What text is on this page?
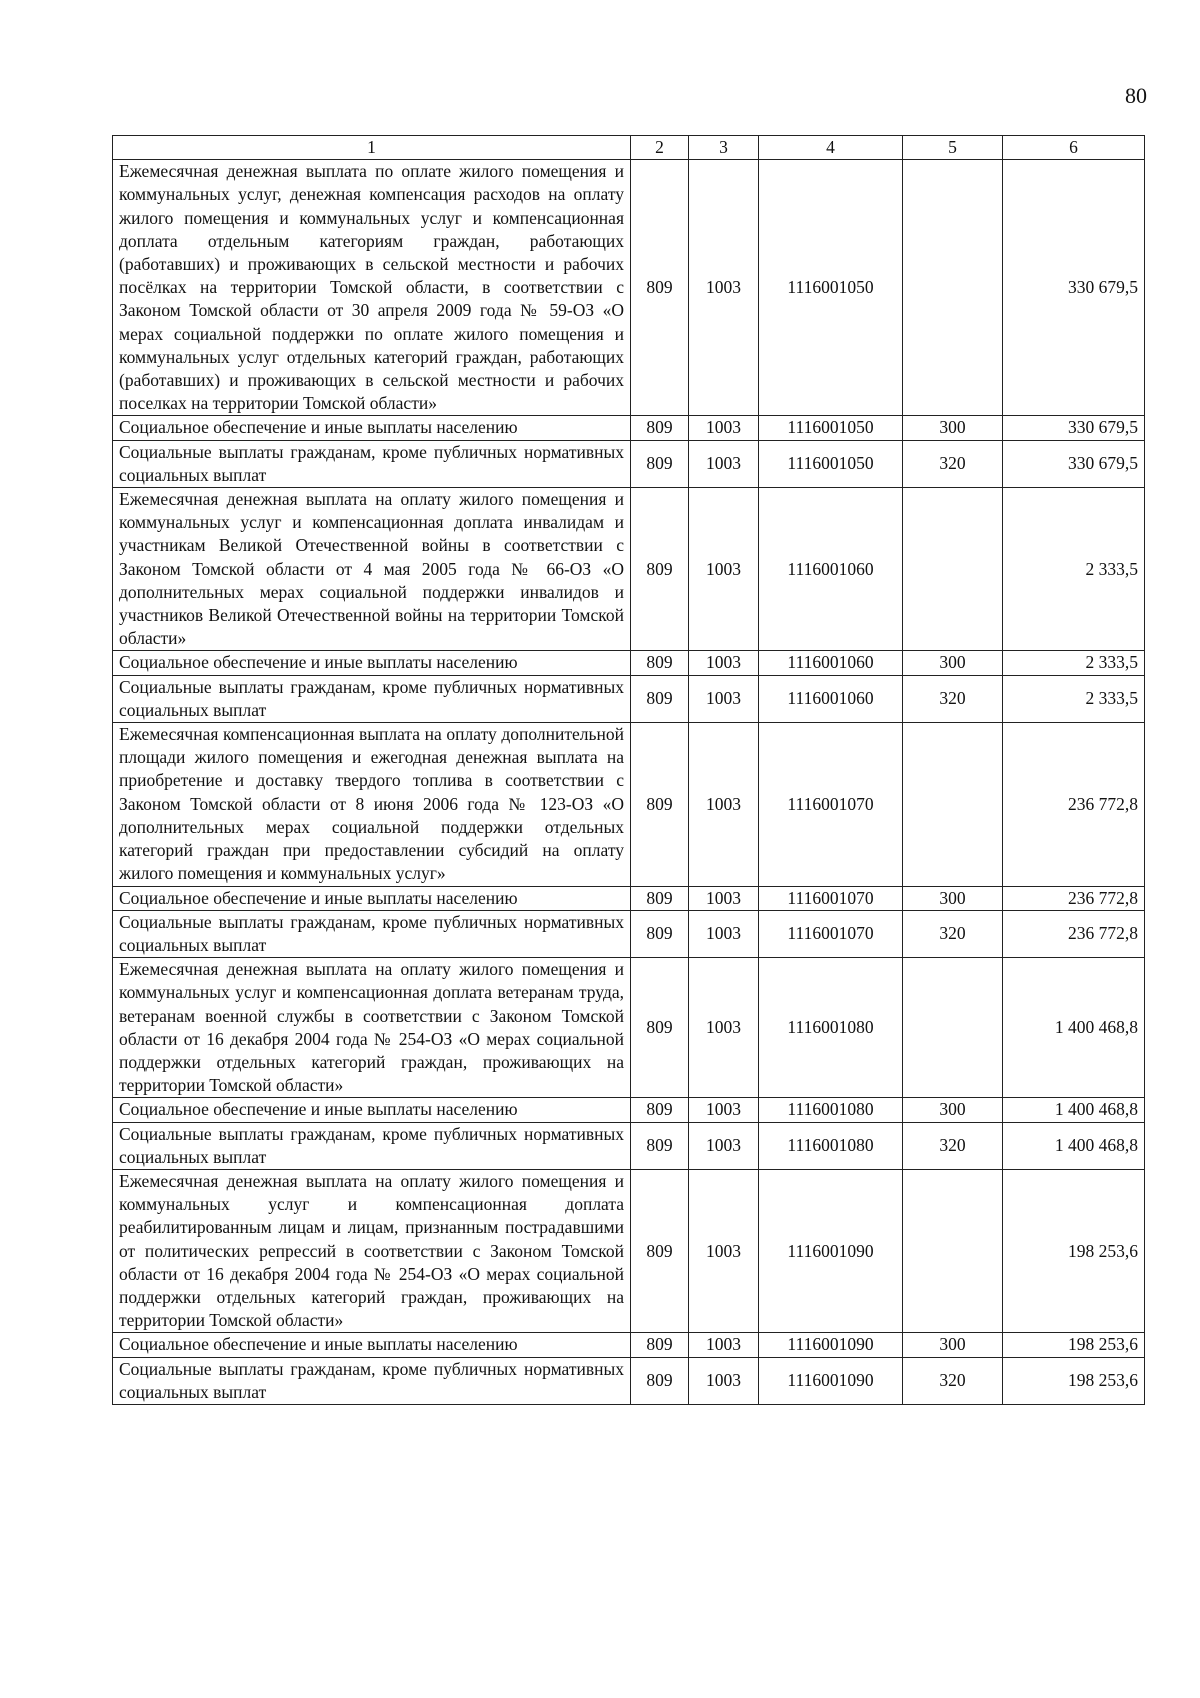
80
1	2	3	4	5	6
Ежемесячная денежная выплата по оплате жилого помещения и коммунальных услуг, денежная компенсация расходов на оплату жилого помещения и коммунальных услуг и компенсационная доплата отдельным категориям граждан, работающих (работавших) и проживающих в сельской местности и рабочих посёлках на территории Томской области, в соответствии с Законом Томской области от 30 апреля 2009 года № 59-ОЗ «О мерах социальной поддержки по оплате жилого помещения и коммунальных услуг отдельных категорий граждан, работающих (работавших) и проживающих в сельской местности и рабочих поселках на территории Томской области»	809	1003	1116001050		330 679,5
Социальное обеспечение и иные выплаты населению	809	1003	1116001050	300	330 679,5
Социальные выплаты гражданам, кроме публичных нормативных социальных выплат	809	1003	1116001050	320	330 679,5
Ежемесячная денежная выплата на оплату жилого помещения и коммунальных услуг и компенсационная доплата инвалидам и участникам Великой Отечественной войны в соответствии с Законом Томской области от 4 мая 2005 года № 66-ОЗ «О дополнительных мерах социальной поддержки инвалидов и участников Великой Отечественной войны на территории Томской области»	809	1003	1116001060		2 333,5
Социальное обеспечение и иные выплаты населению	809	1003	1116001060	300	2 333,5
Социальные выплаты гражданам, кроме публичных нормативных социальных выплат	809	1003	1116001060	320	2 333,5
Ежемесячная компенсационная выплата на оплату дополнительной площади жилого помещения и ежегодная денежная выплата на приобретение и доставку твердого топлива в соответствии с Законом Томской области от 8 июня 2006 года № 123-ОЗ «О дополнительных мерах социальной поддержки отдельных категорий граждан при предоставлении субсидий на оплату жилого помещения и коммунальных услуг»	809	1003	1116001070		236 772,8
Социальное обеспечение и иные выплаты населению	809	1003	1116001070	300	236 772,8
Социальные выплаты гражданам, кроме публичных нормативных социальных выплат	809	1003	1116001070	320	236 772,8
Ежемесячная денежная выплата на оплату жилого помещения и коммунальных услуг и компенсационная доплата ветеранам труда, ветеранам военной службы в соответствии с Законом Томской области от 16 декабря 2004 года № 254-ОЗ «О мерах социальной поддержки отдельных категорий граждан, проживающих на территории Томской области»	809	1003	1116001080		1 400 468,8
Социальное обеспечение и иные выплаты населению	809	1003	1116001080	300	1 400 468,8
Социальные выплаты гражданам, кроме публичных нормативных социальных выплат	809	1003	1116001080	320	1 400 468,8
Ежемесячная денежная выплата на оплату жилого помещения и коммунальных услуг и компенсационная доплата реабилитированным лицам и лицам, признанным пострадавшими от политических репрессий в соответствии с Законом Томской области от 16 декабря 2004 года № 254-ОЗ «О мерах социальной поддержки отдельных категорий граждан, проживающих на территории Томской области»	809	1003	1116001090		198 253,6
Социальное обеспечение и иные выплаты населению	809	1003	1116001090	300	198 253,6
Социальные выплаты гражданам, кроме публичных нормативных социальных выплат	809	1003	1116001090	320	198 253,6
